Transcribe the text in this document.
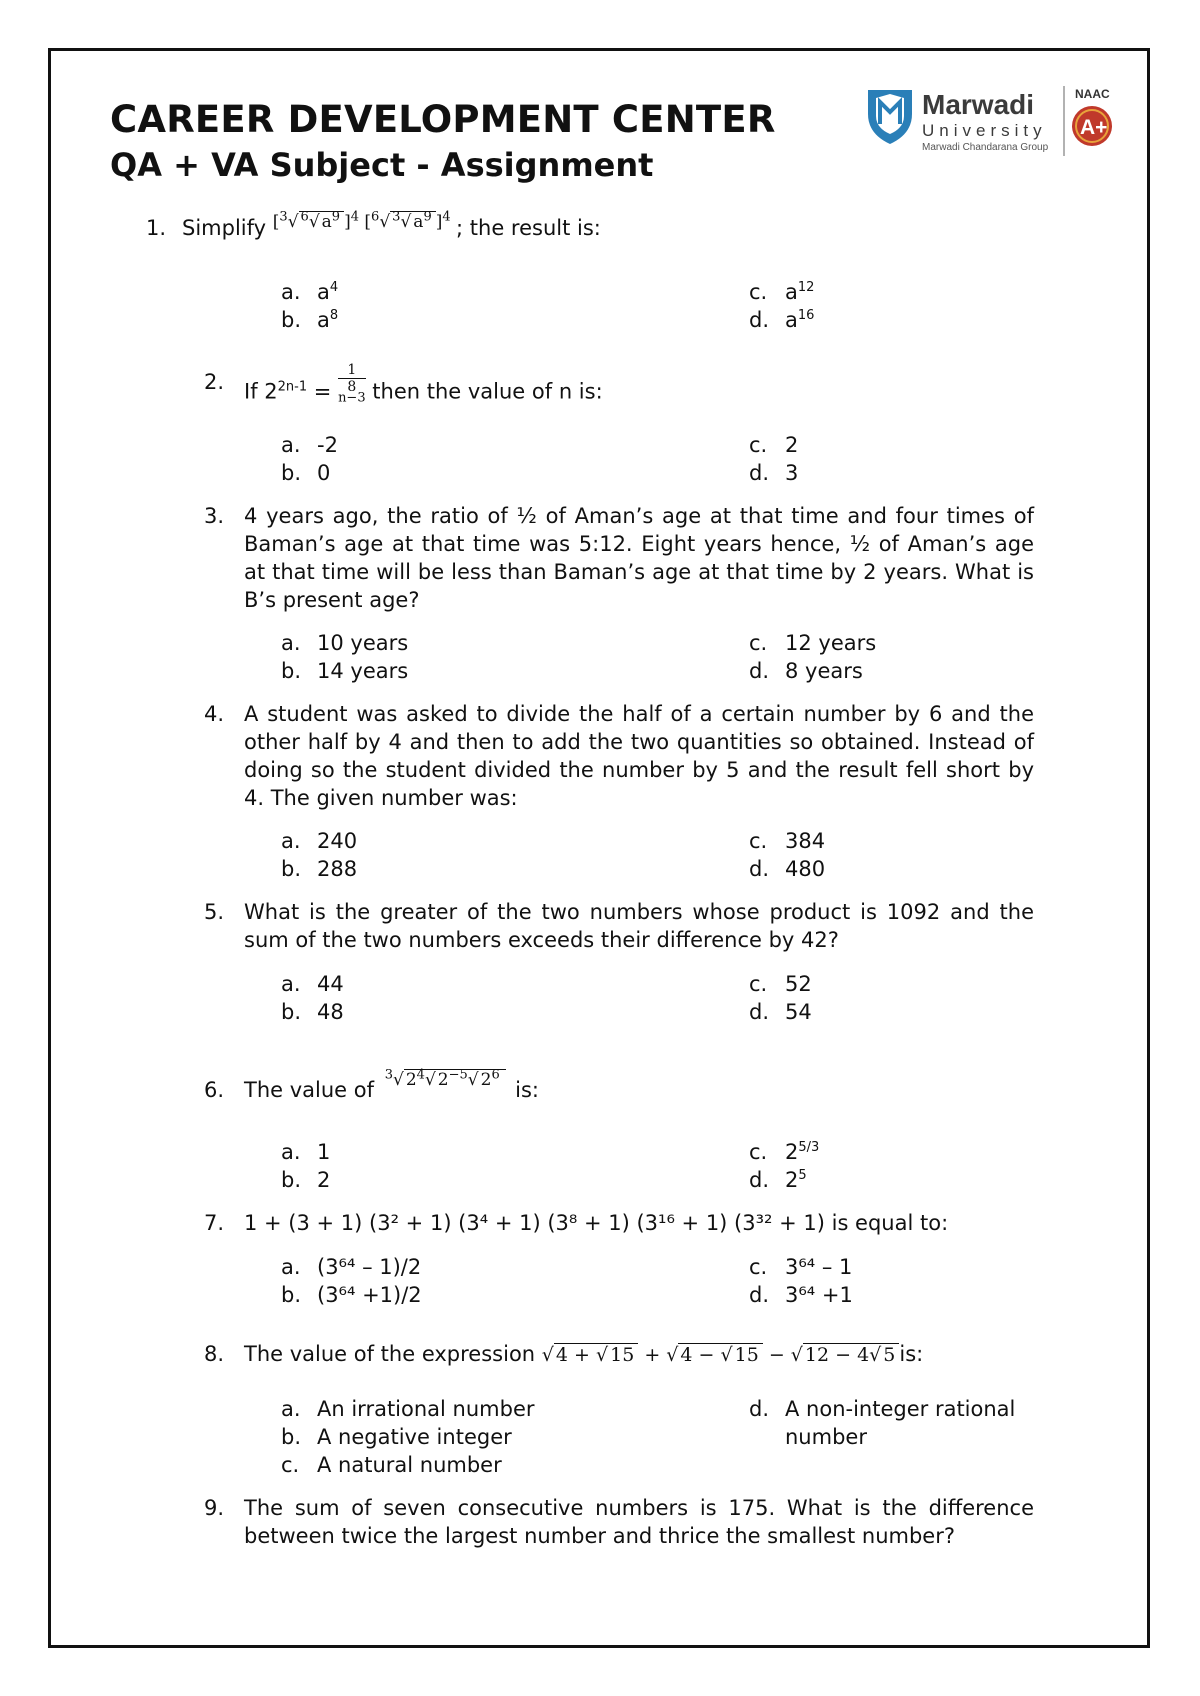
CAREER DEVELOPMENT CENTER
QA + VA Subject - Assignment
Marwadi
University
Marwadi Chandarana Group
NAAC
A+
1. Simplify $^{[^3√ ^6√ a^9 ]^4 [^6√ ^3√ a^9 ]^4}$ ; the result is:
a. $a^4$
b. $a^8$
c. $a^{12}$
d. $a^{16}$
2. If $2^{2n-1} = 1$
8
$^{n-3}$ then the value of n is:
a. -2
b. 0
c. 2
d. 3
3. 4 years ago, the ratio of ½ of Aman’s age at that time and four times of Baman’s age at that time was 5:12. Eight years hence, ½ of Aman’s age at that time will be less than Baman’s age at that time by 2 years. What is B’s present age?
a. 10 years
b. 14 years
c. 12 years
d. 8 years
4. A student was asked to divide the half of a certain number by 6 and the other half by 4 and then to add the two quantities so obtained. Instead of doing so the student divided the number by 5 and the result fell short by 4. The given number was:
a. 240
b. 288
c. 384
d. 480
5. What is the greater of the two numbers whose product is 1092 and the sum of the two numbers exceeds their difference by 42?
a. 44
b. 48
c. 52
d. 54
6. The value of $^{^3√ 2^4√ 2^{-5}√ 2^6}$ is:
a. 1
b. 2
c. $2^{5/3}$
d. $2^5$
7. 1 + (3 + 1) (3² + 1) (3⁴ + 1) (3⁸ + 1) (3¹⁶ + 1) (3³² + 1) is equal to:
a. (3⁶⁴ – 1)/2
b. (3⁶⁴ +1)/2
c. 3⁶⁴ – 1
d. 3⁶⁴ +1
8. The value of the expression √ 4 + √ 15 + √ 4 − √ 15 − √ 12 − 4√ 5 is:
a. An irrational number
b. A negative integer
c. A natural number
d. A non-integer rational number
9. The sum of seven consecutive numbers is 175. What is the difference between twice the largest number and thrice the smallest number?
